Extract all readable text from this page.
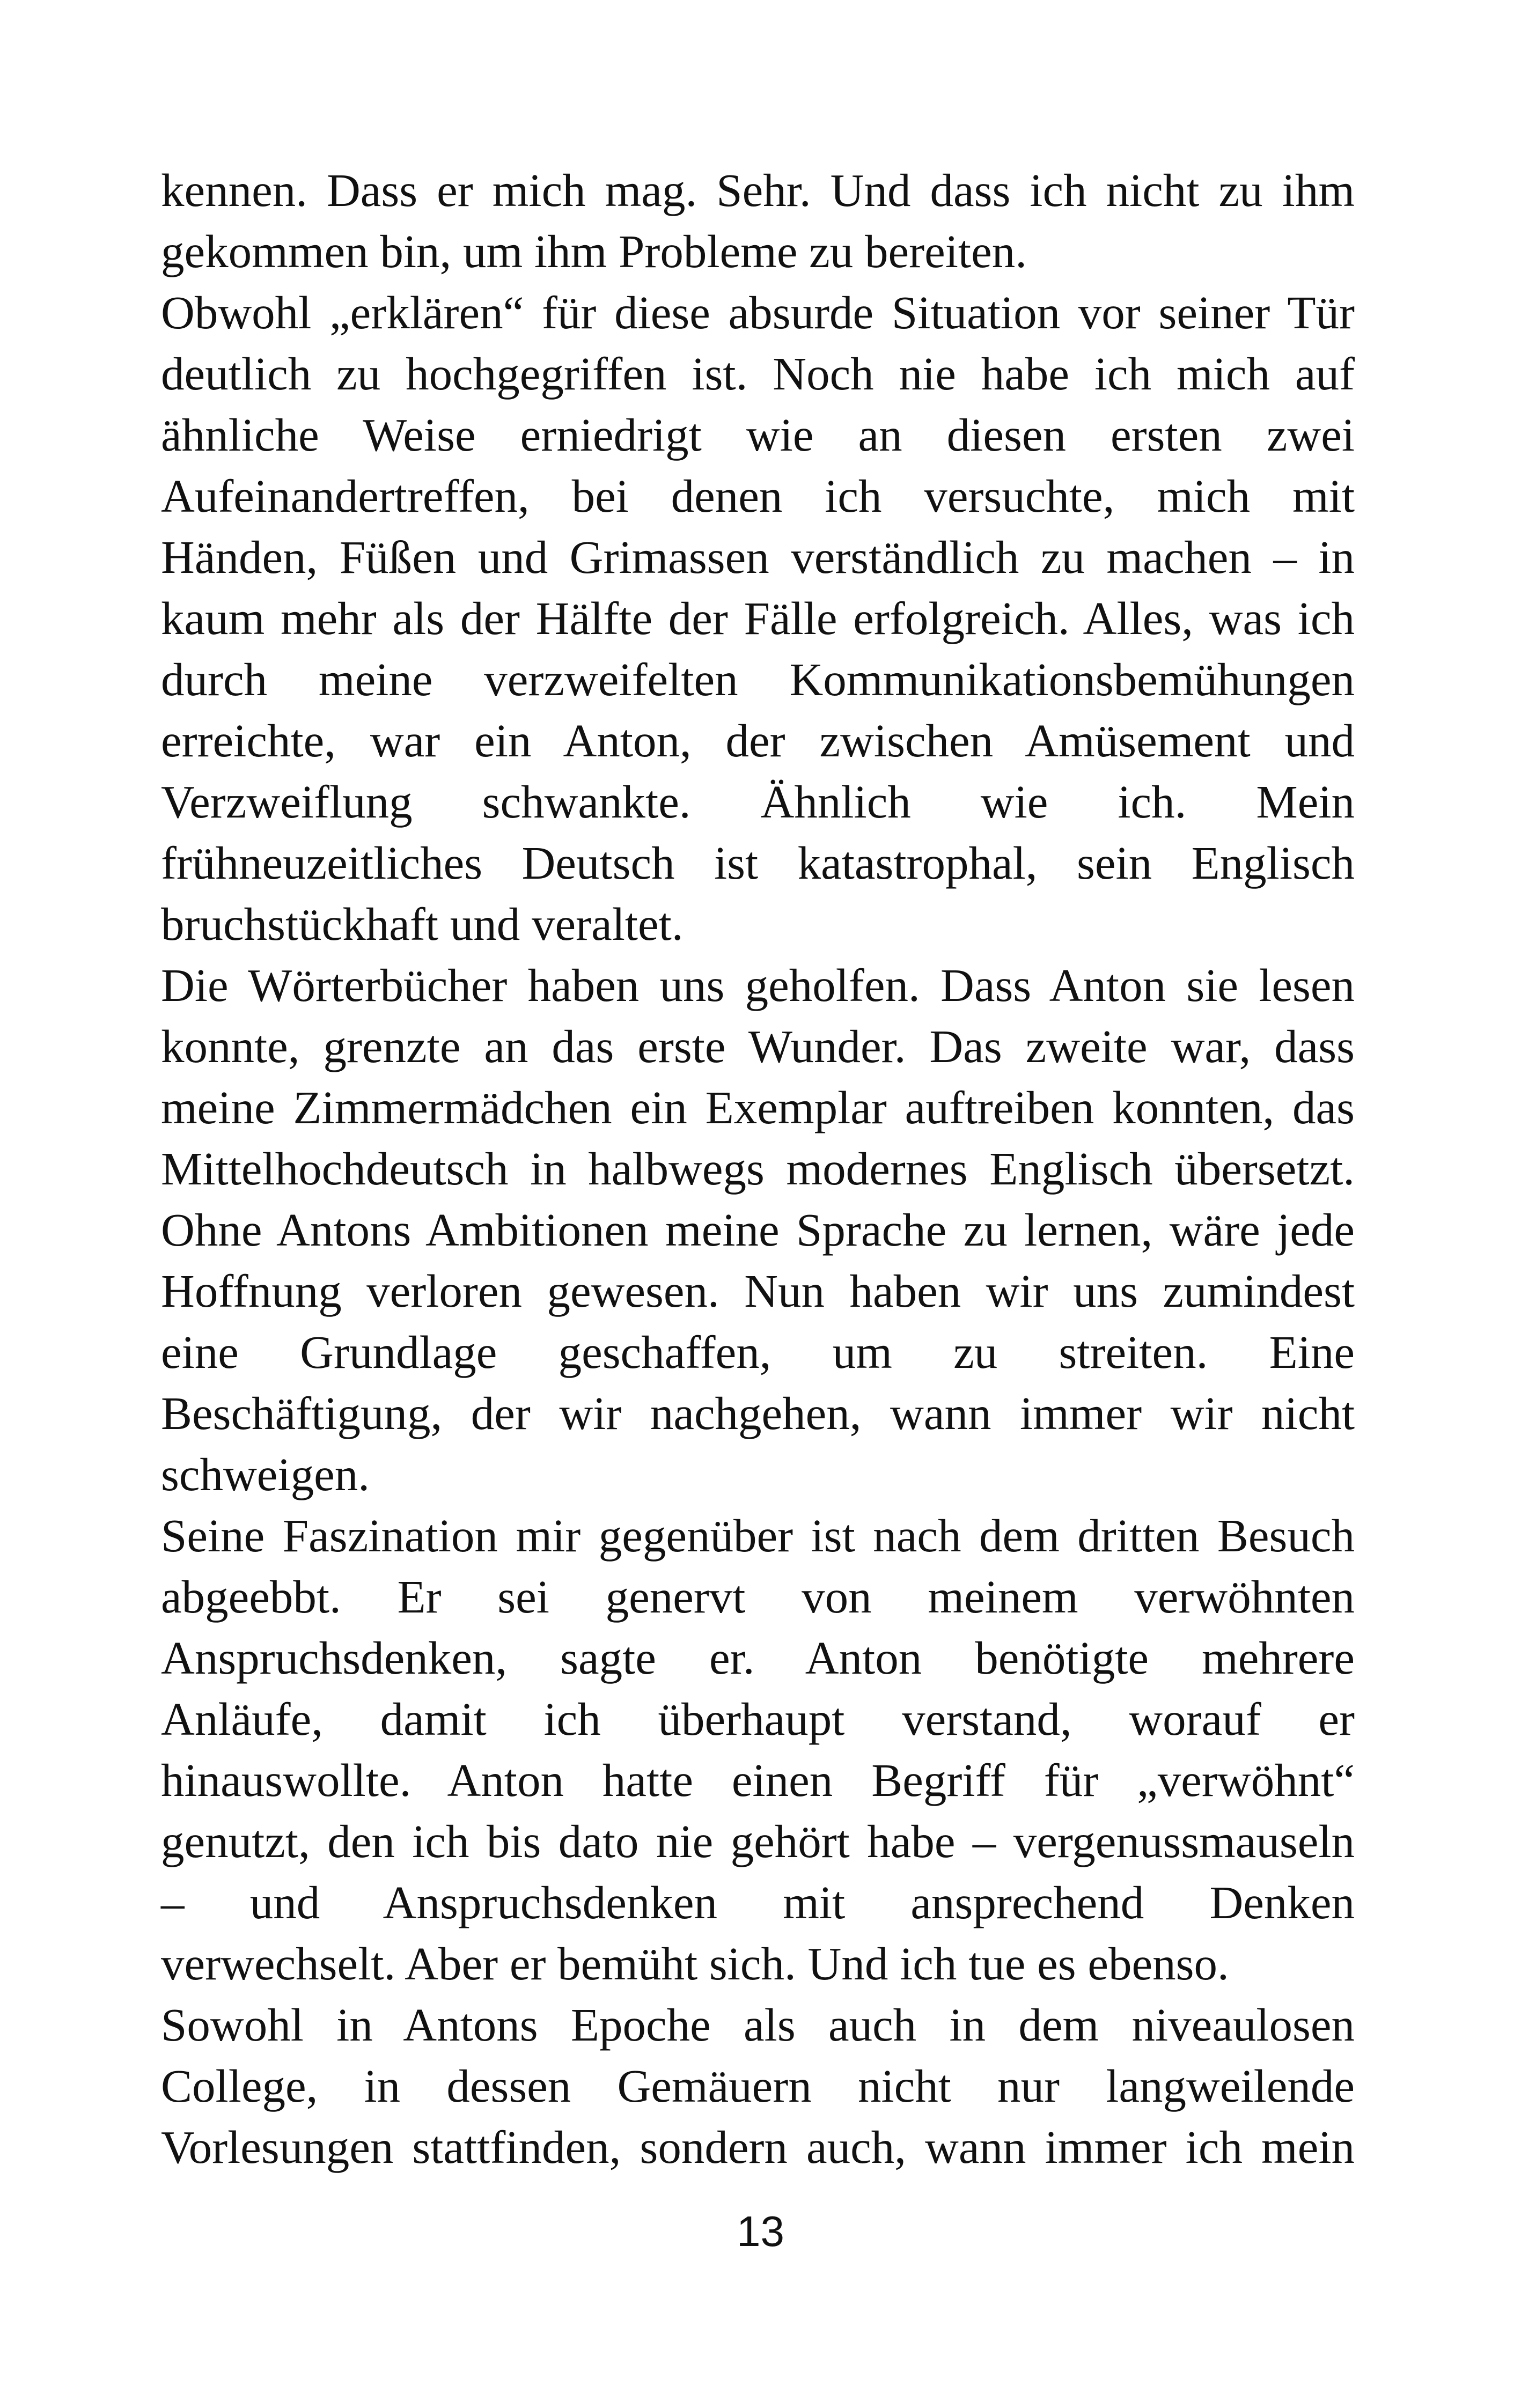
kennen. Dass er mich mag. Sehr. Und dass ich nicht zu ihm
gekommen bin, um ihm Probleme zu bereiten.
Obwohl „erklären“ für diese absurde Situation vor seiner Tür
deutlich zu hochgegriffen ist. Noch nie habe ich mich auf
ähnliche Weise erniedrigt wie an diesen ersten zwei
Aufeinandertreffen, bei denen ich versuchte, mich mit
Händen, Füßen und Grimassen verständlich zu machen – in
kaum mehr als der Hälfte der Fälle erfolgreich. Alles, was ich
durch meine verzweifelten Kommunikationsbemühungen
erreichte, war ein Anton, der zwischen Amüsement und
Verzweiflung schwankte. Ähnlich wie ich. Mein
frühneuzeitliches Deutsch ist katastrophal, sein Englisch
bruchstückhaft und veraltet.
Die Wörterbücher haben uns geholfen. Dass Anton sie lesen
konnte, grenzte an das erste Wunder. Das zweite war, dass
meine Zimmermädchen ein Exemplar auftreiben konnten, das
Mittelhochdeutsch in halbwegs modernes Englisch übersetzt.
Ohne Antons Ambitionen meine Sprache zu lernen, wäre jede
Hoffnung verloren gewesen. Nun haben wir uns zumindest
eine Grundlage geschaffen, um zu streiten. Eine
Beschäftigung, der wir nachgehen, wann immer wir nicht
schweigen.
Seine Faszination mir gegenüber ist nach dem dritten Besuch
abgeebbt. Er sei genervt von meinem verwöhnten
Anspruchsdenken, sagte er. Anton benötigte mehrere
Anläufe, damit ich überhaupt verstand, worauf er
hinauswollte. Anton hatte einen Begriff für „verwöhnt“
genutzt, den ich bis dato nie gehört habe – vergenussmauseln
– und Anspruchsdenken mit ansprechend Denken
verwechselt. Aber er bemüht sich. Und ich tue es ebenso.
Sowohl in Antons Epoche als auch in dem niveaulosen
College, in dessen Gemäuern nicht nur langweilende
Vorlesungen stattfinden, sondern auch, wann immer ich mein
13
